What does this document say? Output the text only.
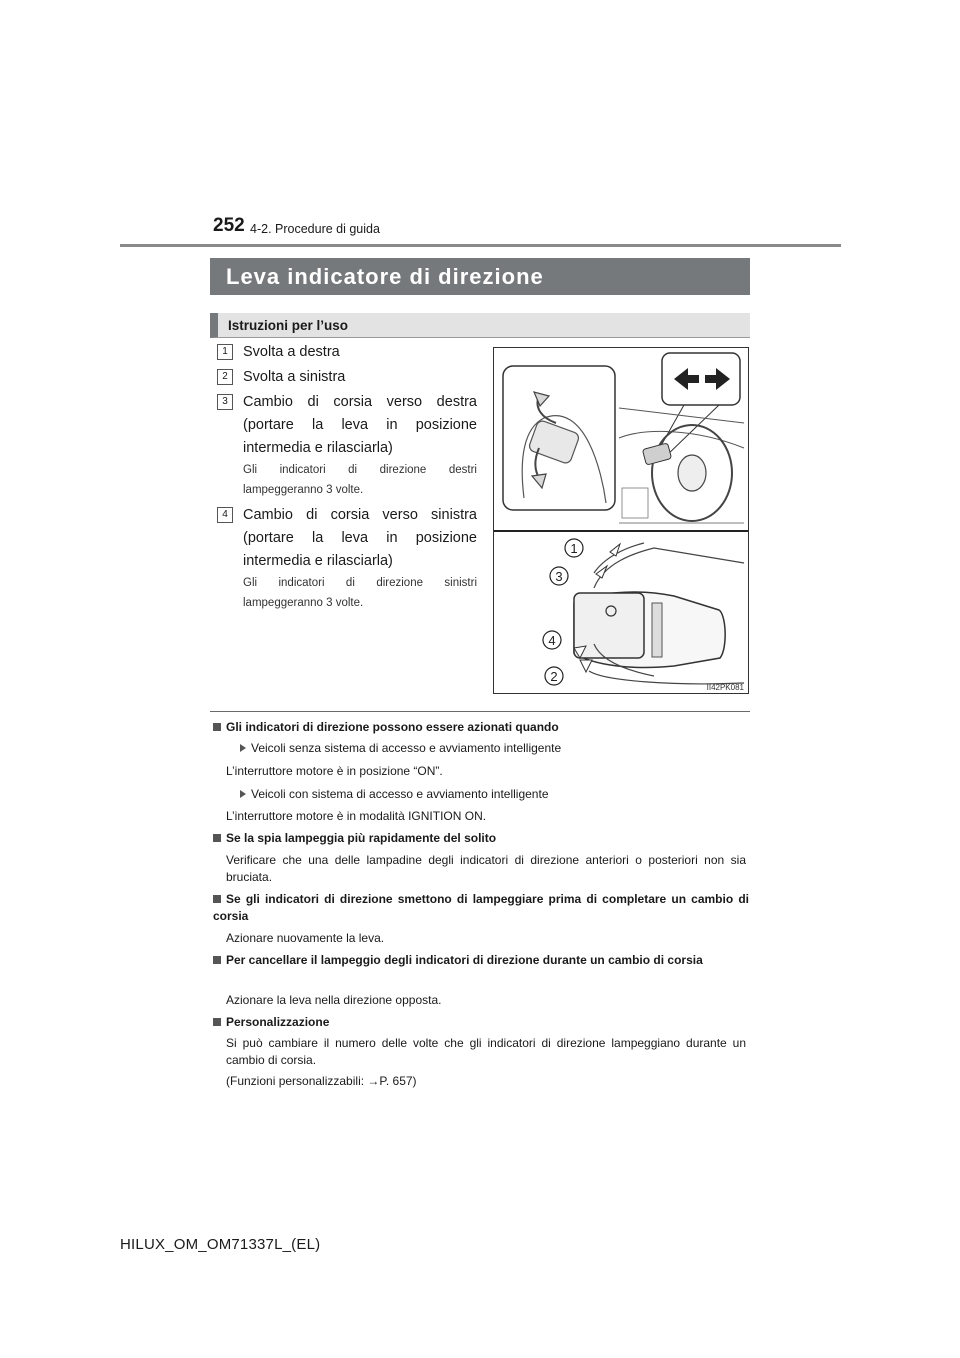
252 4-2. Procedure di guida
Leva indicatore di direzione
Istruzioni per l’uso
1	Svolta a destra
2	Svolta a sinistra
3	Cambio di corsia verso destra (portare la leva in posizione intermedia e rilasciarla)
Gli indicatori di direzione destri lampeggeranno 3 volte.
4	Cambio di corsia verso sinistra (portare la leva in posizione intermedia e rilasciarla)
Gli indicatori di direzione sinistri lampeggeranno 3 volte.
1
3
4
2
II42PK081
Gli indicatori di direzione possono essere azionati quando
Veicoli senza sistema di accesso e avviamento intelligente
L’interruttore motore è in posizione “ON”.
Veicoli con sistema di accesso e avviamento intelligente
L’interruttore motore è in modalità IGNITION ON.
Se la spia lampeggia più rapidamente del solito
Verificare che una delle lampadine degli indicatori di direzione anteriori o posteriori non sia bruciata.
Se gli indicatori di direzione smettono di lampeggiare prima di completare un cambio di corsia
Azionare nuovamente la leva.
Per cancellare il lampeggio degli indicatori di direzione durante un cambio di corsia
Azionare la leva nella direzione opposta.
Personalizzazione
Si può cambiare il numero delle volte che gli indicatori di direzione lampeggiano durante un cambio di corsia.
(Funzioni personalizzabili: →P. 657)
HILUX_OM_OM71337L_(EL)
